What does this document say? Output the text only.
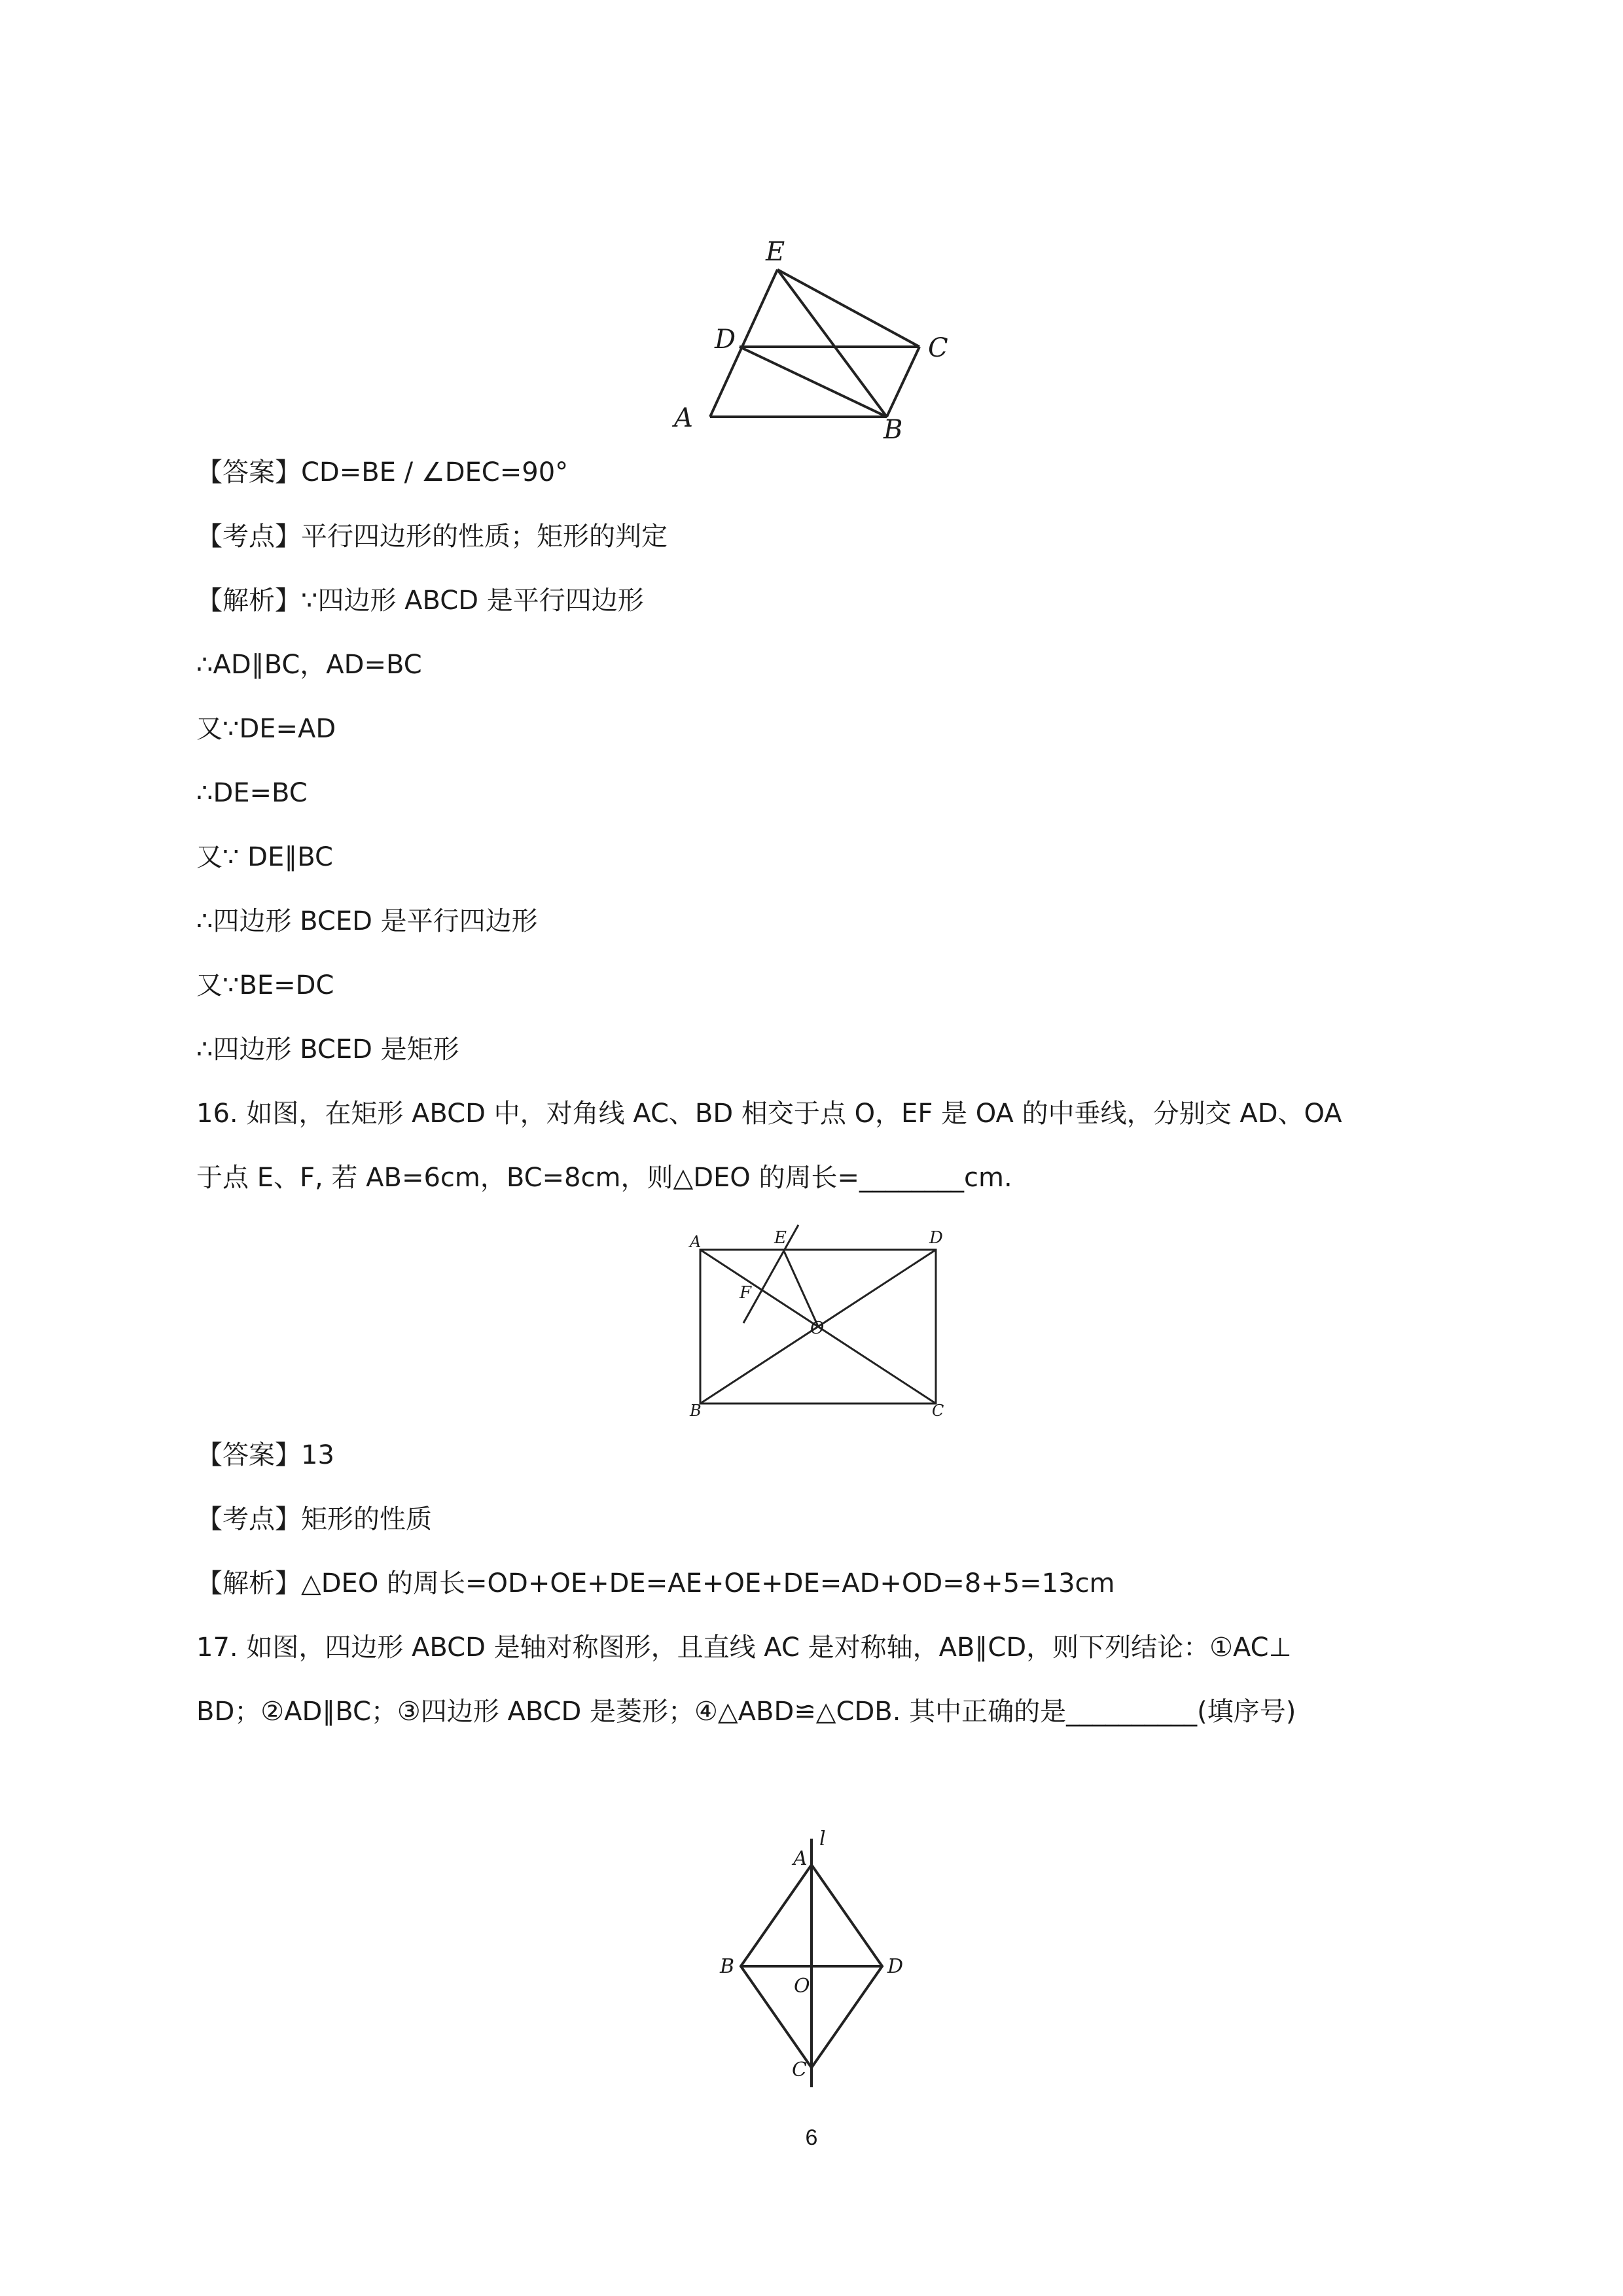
E
D	C
A	B
【答案】CD=BE / ∠DEC=90°
【考点】平行四边形的性质；矩形的判定
【解析】∵四边形 ABCD 是平行四边形
∴AD∥BC，AD=BC
又∵DE=AD
∴DE=BC
又∵ DE∥BC
∴四边形 BCED 是平行四边形
又∵BE=DC
∴四边形 BCED 是矩形
16. 如图，在矩形 ABCD 中，对角线 AC、BD 相交于点 O，EF 是 OA 的中垂线，分别交 AD、OA
于点 E、F, 若 AB=6cm，BC=8cm，则△DEO 的周长=________cm.
A	E	D
F
O
B	C
【答案】13
【考点】矩形的性质
【解析】△DEO 的周长=OD+OE+DE=AE+OE+DE=AD+OD=8+5=13cm
17. 如图，四边形 ABCD 是轴对称图形，且直线 AC 是对称轴，AB∥CD，则下列结论：①AC⊥
BD；②AD∥BC；③四边形 ABCD 是菱形；④△ABD≌△CDB. 其中正确的是__________(填序号)
l
A
B
O
D
C
6
